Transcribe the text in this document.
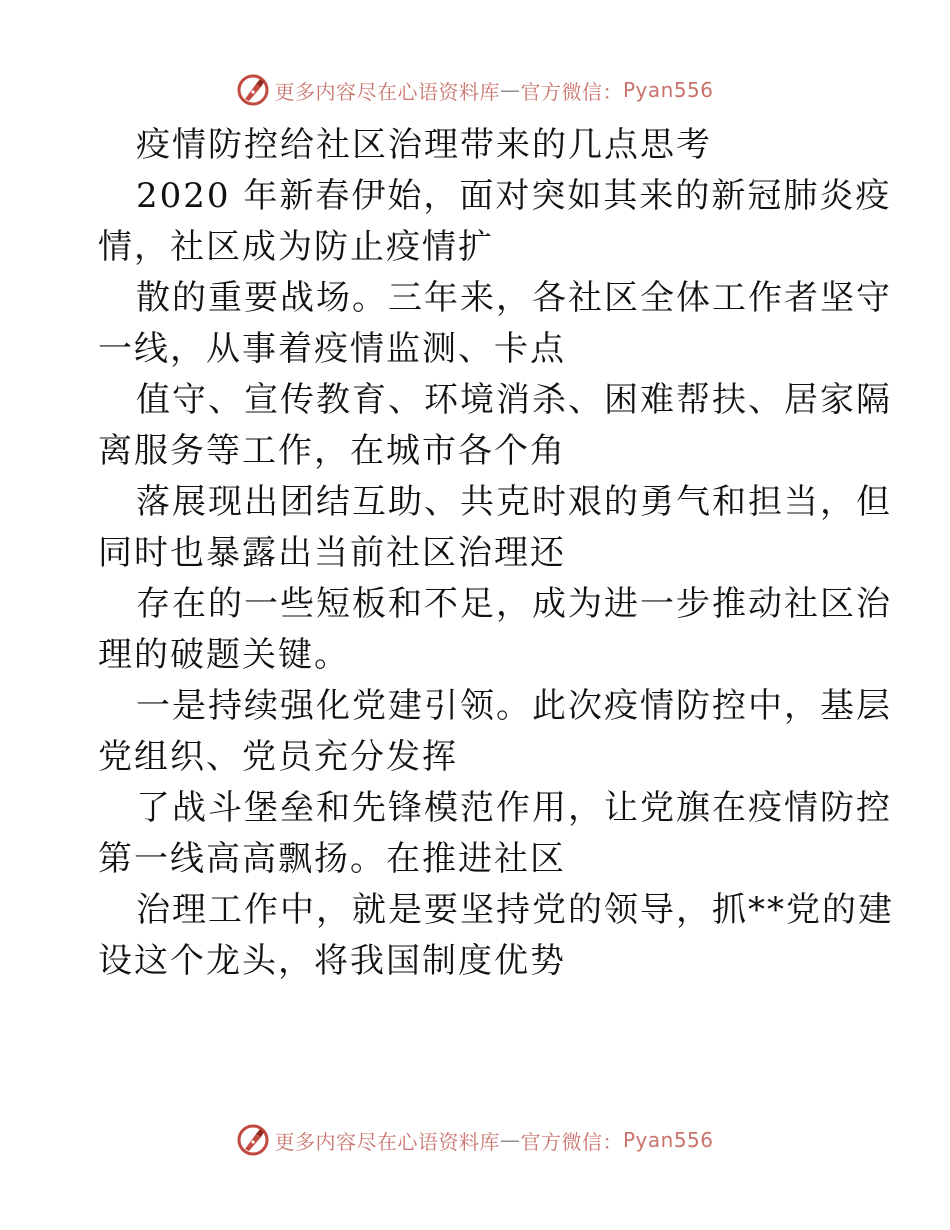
更多内容尽在心语资料库 — 官方微信： Pyan556
疫情防控给社区治理带来的几点思考
2020 年新春伊始，面对突如其来的新冠肺炎疫
情，社区成为防止疫情扩
散的重要战场。三年来，各社区全体工作者坚守
一线，从事着疫情监测、卡点
值守、宣传教育、环境消杀、困难帮扶、居家隔
离服务等工作，在城市各个角
落展现出团结互助、共克时艰的勇气和担当，但
同时也暴露出当前社区治理还
存在的一些短板和不足，成为进一步推动社区治
理的破题关键。
一是持续强化党建引领。此次疫情防控中，基层
党组织、党员充分发挥
了战斗堡垒和先锋模范作用，让党旗在疫情防控
第一线高高飘扬。在推进社区
治理工作中，就是要坚持党的领导，抓**党的建
设这个龙头，将我国制度优势
更多内容尽在心语资料库 — 官方微信： Pyan556
